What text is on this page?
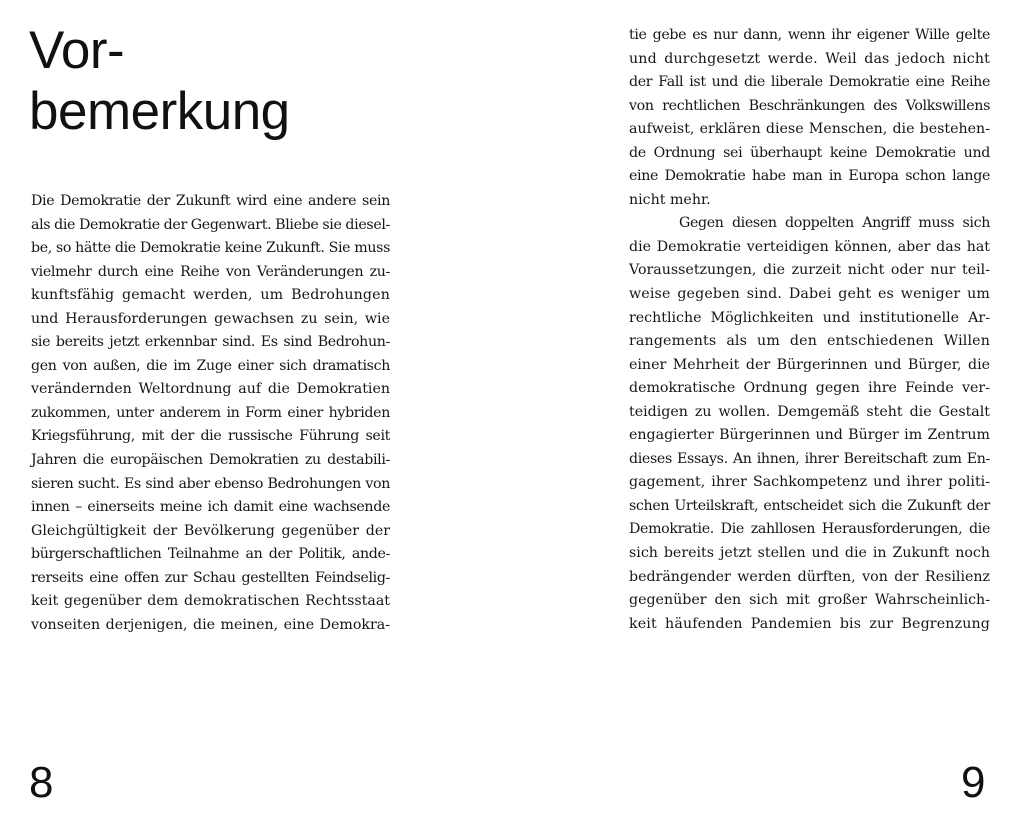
Vor-
bemerkung
Die Demokratie der Zukunft wird eine andere sein
als die Demokratie der Gegenwart. Bliebe sie diesel-
be, so hätte die Demokratie keine Zukunft. Sie muss
vielmehr durch eine Reihe von Veränderungen zu-
kunftsfähig gemacht werden, um Bedrohungen
und Herausforderungen gewachsen zu sein, wie
sie bereits jetzt erkennbar sind. Es sind Bedrohun-
gen von außen, die im Zuge einer sich dramatisch
verändernden Weltordnung auf die Demokratien
zukommen, unter anderem in Form einer hybriden
Kriegsführung, mit der die russische Führung seit
Jahren die europäischen Demokratien zu destabili-
sieren sucht. Es sind aber ebenso Bedrohungen von
innen – einerseits meine ich damit eine wachsende
Gleichgültigkeit der Bevölkerung gegenüber der
bürgerschaftlichen Teilnahme an der Politik, ande-
rerseits eine offen zur Schau gestellten Feindselig-
keit gegenüber dem demokratischen Rechtsstaat
vonseiten derjenigen, die meinen, eine Demokra-
8
tie gebe es nur dann, wenn ihr eigener Wille gelte
und durchgesetzt werde. Weil das jedoch nicht
der Fall ist und die liberale Demokratie eine Reihe
von rechtlichen Beschränkungen des Volkswillens
aufweist, erklären diese Menschen, die bestehen-
de Ordnung sei überhaupt keine Demokratie und
eine Demokratie habe man in Europa schon lange
nicht mehr.
Gegen diesen doppelten Angriff muss sich
die Demokratie verteidigen können, aber das hat
Voraussetzungen, die zurzeit nicht oder nur teil-
weise gegeben sind. Dabei geht es weniger um
rechtliche Möglichkeiten und institutionelle Ar-
rangements als um den entschiedenen Willen
einer Mehrheit der Bürgerinnen und Bürger, die
demokratische Ordnung gegen ihre Feinde ver-
teidigen zu wollen. Demgemäß steht die Gestalt
engagierter Bürgerinnen und Bürger im Zentrum
dieses Essays. An ihnen, ihrer Bereitschaft zum En-
gagement, ihrer Sachkompetenz und ihrer politi-
schen Urteilskraft, entscheidet sich die Zukunft der
Demokratie. Die zahllosen Herausforderungen, die
sich bereits jetzt stellen und die in Zukunft noch
bedrängender werden dürften, von der Resilienz
gegenüber den sich mit großer Wahrscheinlich-
keit häufenden Pandemien bis zur Begrenzung
9
